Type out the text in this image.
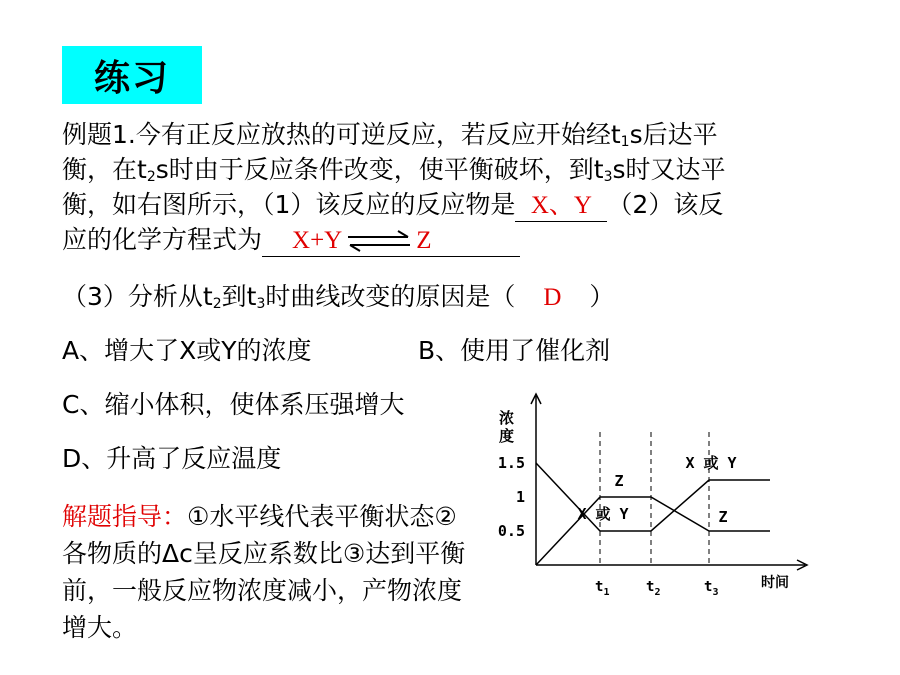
练习
例题1.今有正反应放热的可逆反应，若反应开始经$t_1s$后达平
衡，在$t_2s$时由于反应条件改变，使平衡破坏，到$t_3s$时又达平
衡，如右图所示，（1）该反应的反应物是 X、Y （2）该反
应的化学方程式为 X+Y ⇌ Z
（3）分析从$t_2$到$t_3$时曲线改变的原因是（ D ）
A、增大了X或Y的浓度	B、使用了催化剂
C、缩小体积，使体系压强增大
D、升高了反应温度
解题指导：①水平线代表平衡状态②各物质的Δc呈反应系数比③达到平衡前，一般反应物浓度减小，产物浓度增大。
浓
度
1.5
1
0.5
$t_1$	$t_2$	$t_3$
时间
Z
X 或 Y
X 或 Y
Z
